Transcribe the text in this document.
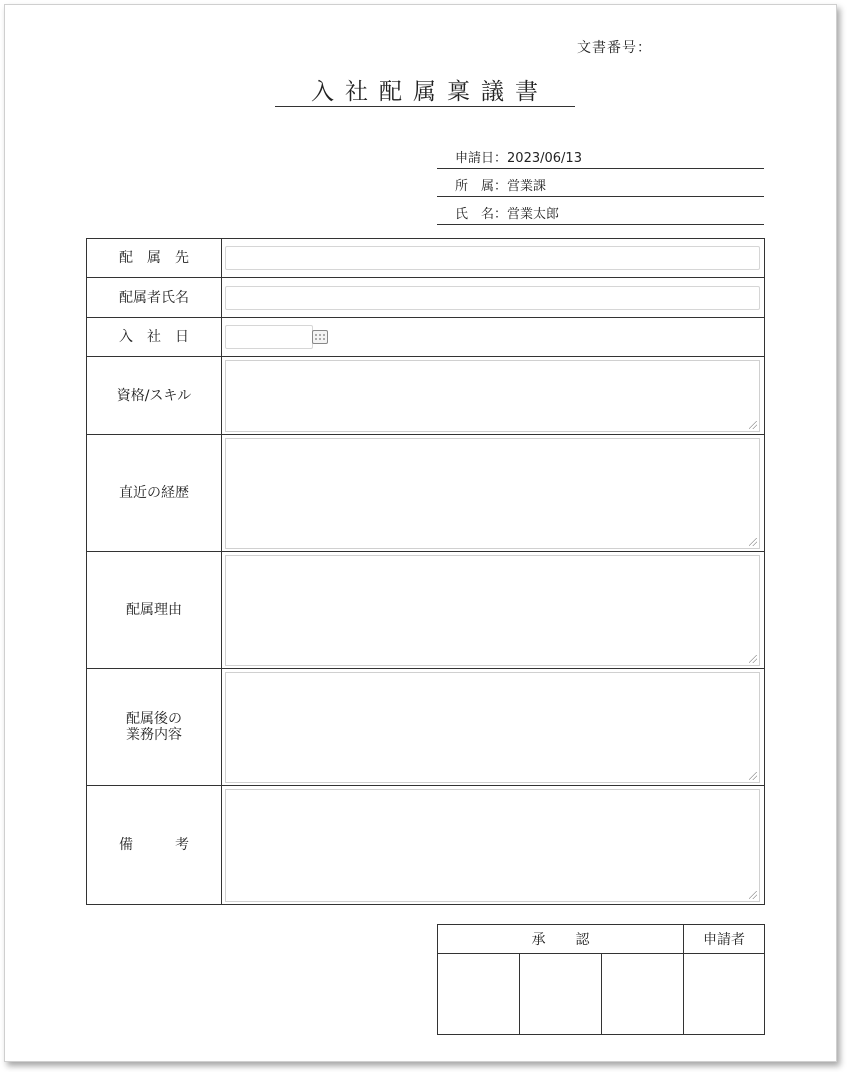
文書番号：
入社配属稟議書
申請日 ： 2023/06/13
所　属 ： 営業課
氏　名 ： 営業太郎
配　属　先
配属者氏名
入　社　日
資格/スキル
直近の経歴
配属理由
配属後の
業務内容
備　　　考
承認	申請者
